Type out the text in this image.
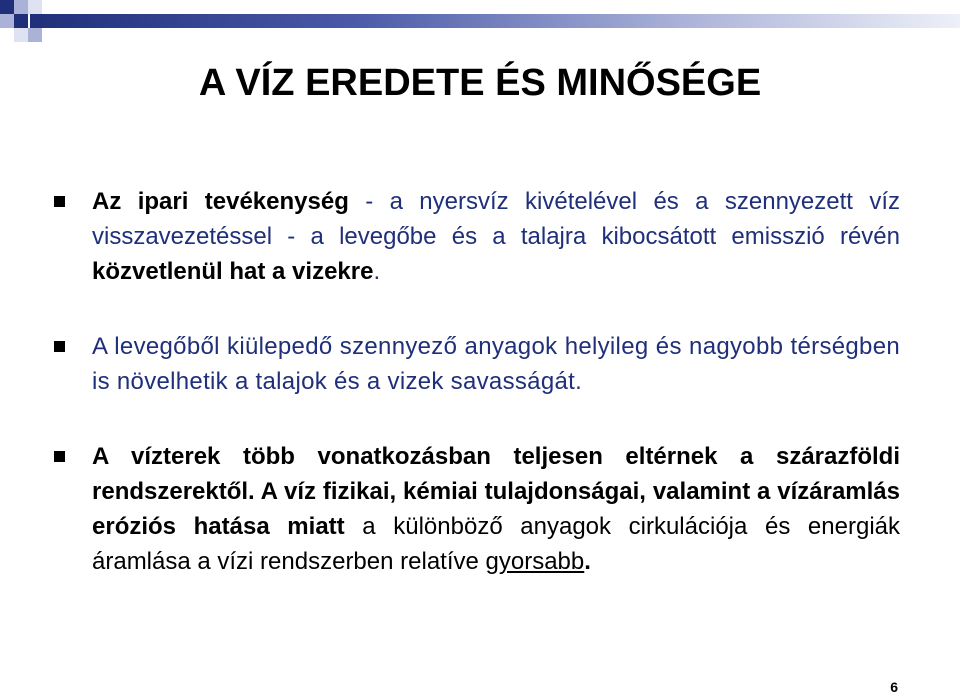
A VÍZ EREDETE ÉS MINŐSÉGE
Az ipari tevékenység - a nyersvíz kivételével és a szennyezett víz visszavezetéssel - a levegőbe és a talajra kibocsátott emisszió révén közvetlenül hat a vizekre.
A levegőből kiülepedő szennyező anyagok helyileg és nagyobb térségben is növelhetik a talajok és a vizek savasságát.
A vízterek több vonatkozásban teljesen eltérnek a szárazföldi rendszerektől. A víz fizikai, kémiai tulajdonságai, valamint a vízáramlás eróziós hatása miatt a különböző anyagok cirkulációja és energiák áramlása a vízi rendszerben relatíve gyorsabb.
6
